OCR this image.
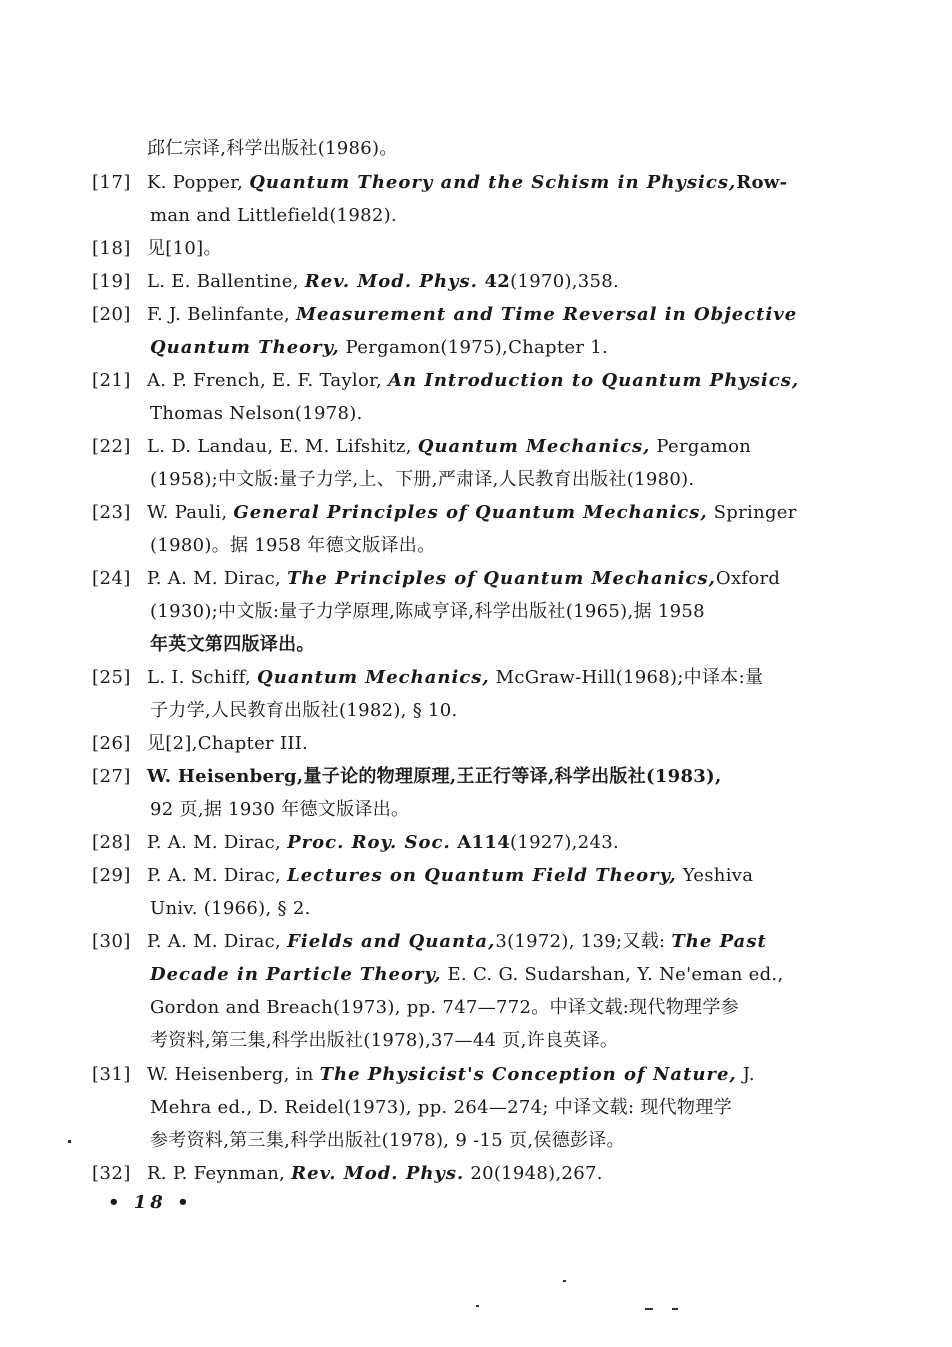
邱仁宗译,科学出版社(1986)。
[17] K. Popper, Quantum Theory and the Schism in Physics,Row-
man and Littlefield(1982).
[18] 见[10]。
[19] L. E. Ballentine, Rev. Mod. Phys. 42(1970),358.
[20] F. J. Belinfante, Measurement and Time Reversal in Objective
Quantum Theory, Pergamon(1975),Chapter 1.
[21] A. P. French, E. F. Taylor, An Introduction to Quantum Physics,
Thomas Nelson(1978).
[22] L. D. Landau, E. M. Lifshitz, Quantum Mechanics, Pergamon
(1958);中文版:量子力学,上、下册,严肃译,人民教育出版社(1980).
[23] W. Pauli, General Principles of Quantum Mechanics, Springer
(1980)。据 1958 年德文版译出。
[24] P. A. M. Dirac, The Principles of Quantum Mechanics,Oxford
(1930);中文版:量子力学原理,陈咸亨译,科学出版社(1965),据 1958
年英文第四版译出。
[25] L. I. Schiff, Quantum Mechanics, McGraw-Hill(1968);中译本:量
子力学,人民教育出版社(1982), § 10.
[26] 见[2],Chapter III.
[27] W. Heisenberg,量子论的物理原理,王正行等译,科学出版社(1983),
92 页,据 1930 年德文版译出。
[28] P. A. M. Dirac, Proc. Roy. Soc. A114(1927),243.
[29] P. A. M. Dirac, Lectures on Quantum Field Theory, Yeshiva
Univ. (1966), § 2.
[30] P. A. M. Dirac, Fields and Quanta,3(1972), 139;又载: The Past
Decade in Particle Theory, E. C. G. Sudarshan, Y. Ne'eman ed.,
Gordon and Breach(1973), pp. 747—772。中译文载:现代物理学参
考资料,第三集,科学出版社(1978),37—44 页,许良英译。
[31] W. Heisenberg, in The Physicist's Conception of Nature, J.
Mehra ed., D. Reidel(1973), pp. 264—274; 中译文载: 现代物理学
参考资料,第三集,科学出版社(1978), 9 -15 页,侯德彭译。
[32] R. P. Feynman, Rev. Mod. Phys. 20(1948),267.
• 18 •
